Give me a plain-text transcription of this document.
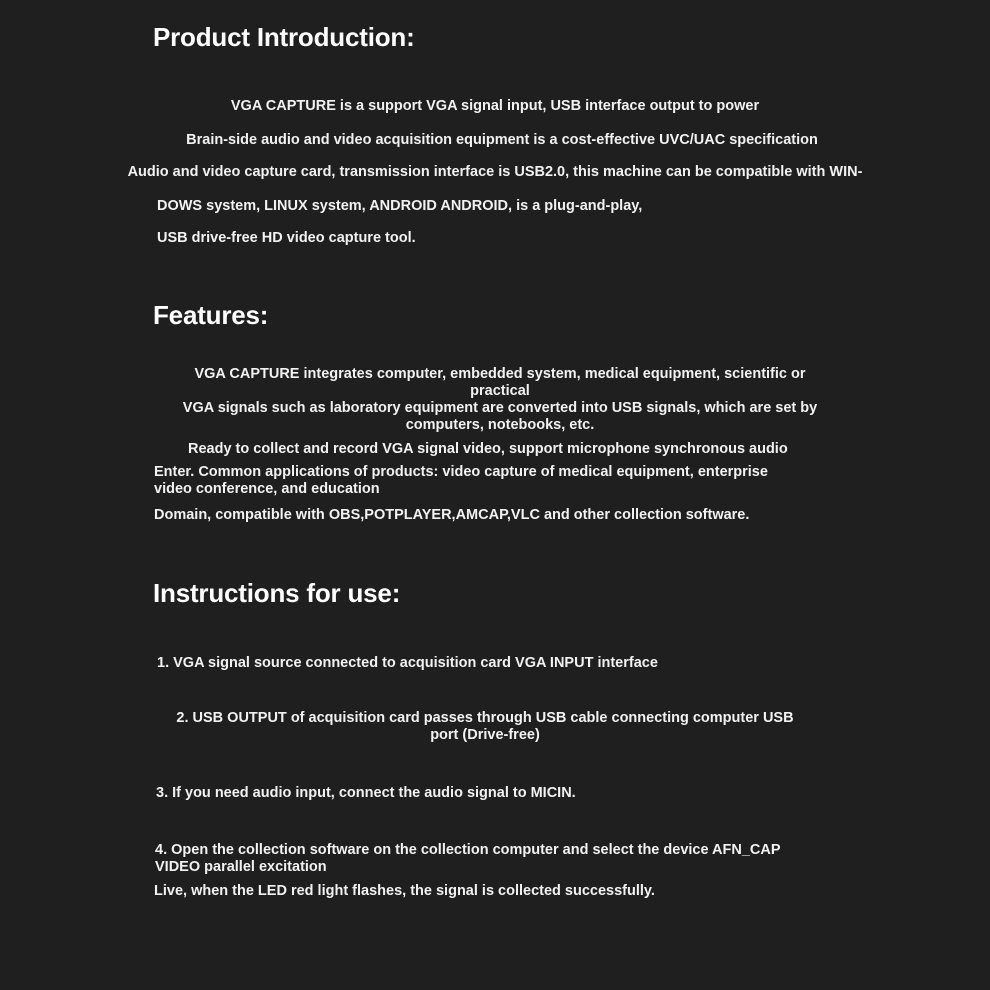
Product Introduction:

VGA CAPTURE is a support VGA signal input, USB interface output to power

Brain-side audio and video acquisition equipment is a cost-effective UVC/UAC specification

Audio and video capture card, transmission interface is USB2.0, this machine can be compatible with WIN-

DOWS system, LINUX system, ANDROID ANDROID, is a plug-and-play,

USB drive-free HD video capture tool.

Features:
VGA CAPTURE integrates computer, embedded system, medical equipment, scientific or
practical
VGA signals such as laboratory equipment are converted into USB signals, which are set by
computers, notebooks, etc.

Ready to collect and record VGA signal video, support microphone synchronous audio

Enter. Common applications of products: video capture of medical equipment, enterprise
video conference, and education

Domain, compatible with OBS,POTPLAYER,AMCAP,VLC and other collection software.

Instructions for use:

1. VGA signal source connected to acquisition card VGA INPUT interface

2. USB OUTPUT of acquisition card passes through USB cable connecting computer USB
port (Drive-free)

3. If you need audio input, connect the audio signal to MICIN.

4. Open the collection software on the collection computer and select the device AFN_CAP
VIDEO parallel excitation

Live, when the LED red light flashes, the signal is collected successfully.
